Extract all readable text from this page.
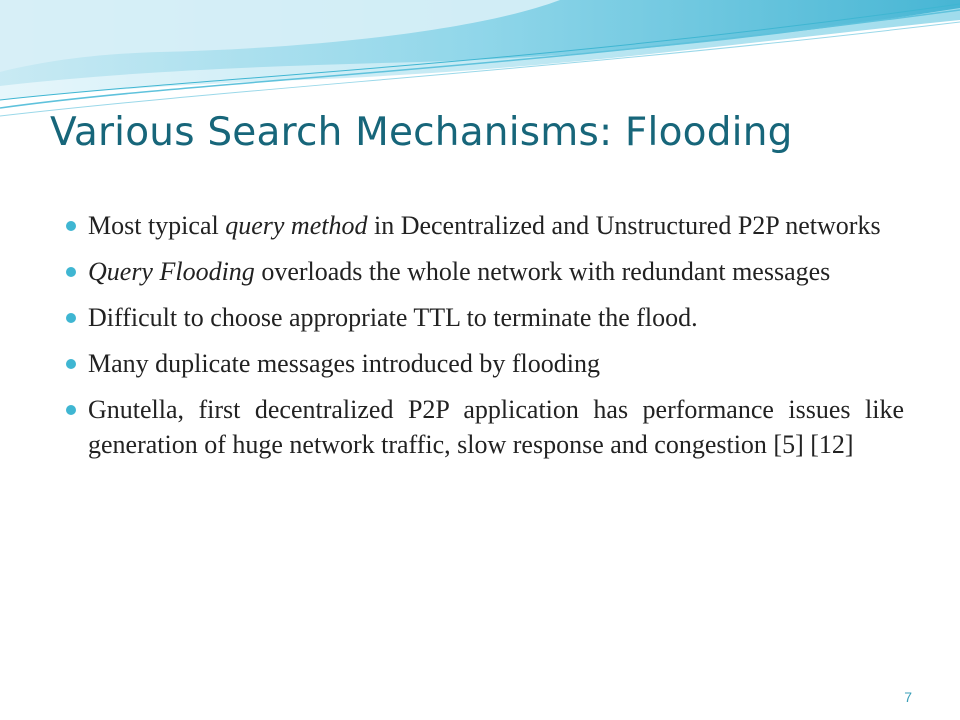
Various Search Mechanisms: Flooding
Most typical query method in Decentralized and Unstructured P2P networks
Query Flooding overloads the whole network with redundant messages
Difficult to choose appropriate TTL to terminate the flood.
Many duplicate messages introduced by flooding
Gnutella, first decentralized P2P application has performance issues like generation of huge network traffic, slow response and congestion [5] [12]
7
